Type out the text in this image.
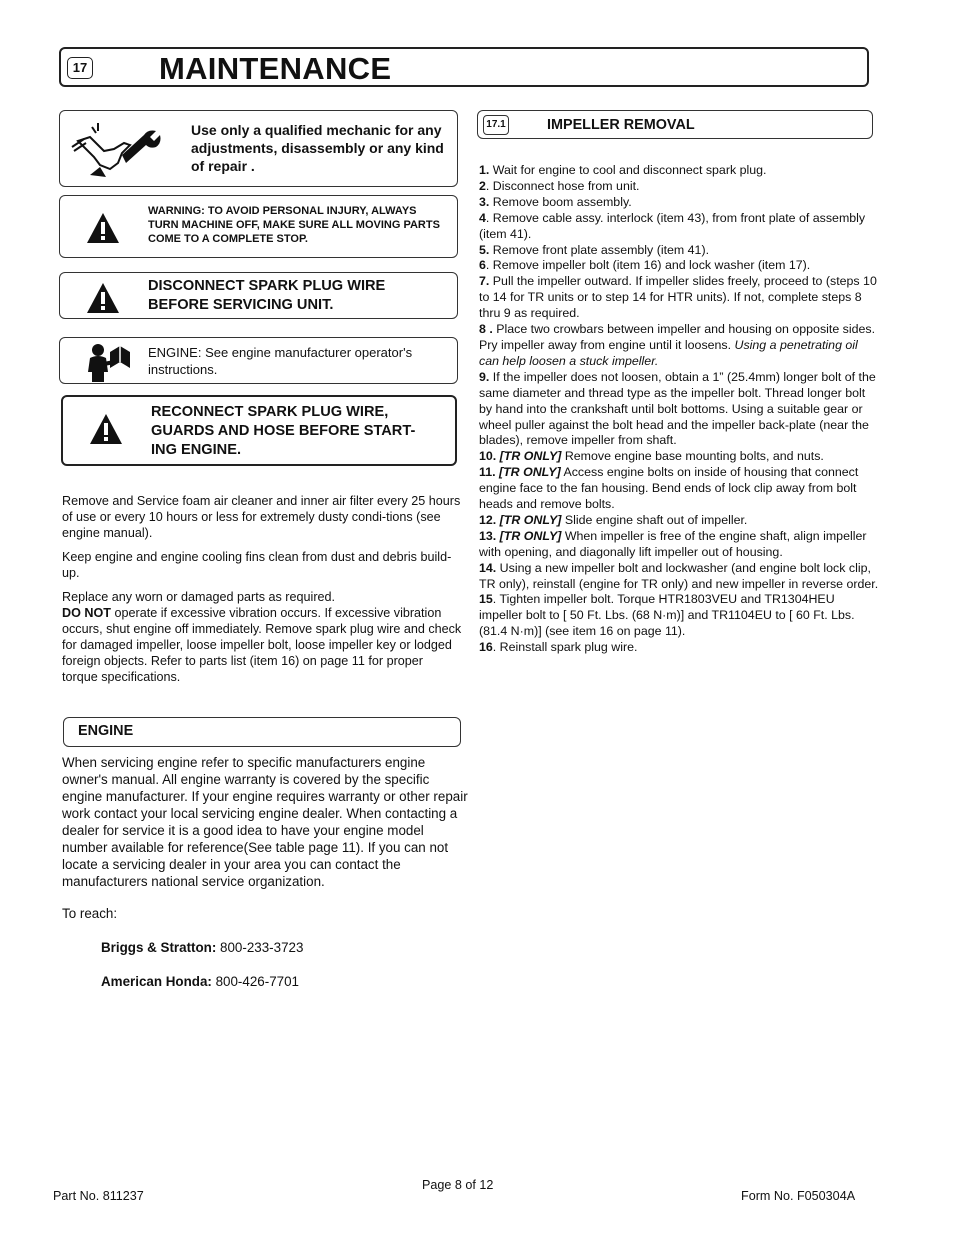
17 MAINTENANCE
Use only a qualified mechanic for any adjustments, disassembly or any kind of repair .
WARNING: TO AVOID PERSONAL INJURY, ALWAYS TURN MACHINE OFF, MAKE SURE ALL MOVING PARTS COME TO A COMPLETE STOP.
DISCONNECT SPARK PLUG WIRE BEFORE SERVICING UNIT.
ENGINE: See engine manufacturer operator's instructions.
RECONNECT SPARK PLUG WIRE, GUARDS AND HOSE BEFORE START-ING ENGINE.

Remove and Service foam air cleaner and inner air filter every 25 hours of use or every 10 hours or less for extremely dusty condi-tions (see engine manual).

Keep engine and engine cooling fins clean from dust and debris build-up.

Replace any worn or damaged parts as required.

DO NOT operate if excessive vibration occurs. If excessive vibration occurs, shut engine off immediately. Remove spark plug wire and check for damaged impeller, loose impeller bolt, loose impeller key or lodged foreign objects. Refer to parts list (item 16) on page 11 for proper torque specifications.

ENGINE
When servicing engine refer to specific manufacturers engine owner's manual. All engine warranty is covered by the specific engine manufacturer. If your engine requires warranty or other repair work contact your local servicing engine dealer. When contacting a dealer for service it is a good idea to have your engine model number available for reference(See table page 11). If you can not locate a servicing dealer in your area you can contact the manufacturers national service organization.
To reach:
Briggs & Stratton: 800-233-3723
American Honda: 800-426-7701
17.1	IMPELLER REMOVAL

1. Wait for engine to cool and disconnect spark plug.

2. Disconnect hose from unit.

3. Remove boom assembly.

4. Remove cable assy. interlock (item 43), from front plate of assembly (item 41).

5. Remove front plate assembly (item 41).

6. Remove impeller bolt (item 16) and lock washer (item 17).

7. Pull the impeller outward. If impeller slides freely, proceed to (steps 10 to 14 for TR units or to step 14 for HTR units). If not, complete steps 8 thru 9 as required.

8 . Place two crowbars between impeller and housing on opposite sides. Pry impeller away from engine until it loosens. Using a penetrating oil can help loosen a stuck impeller.

9. If the impeller does not loosen, obtain a 1” (25.4mm) longer bolt of the same diameter and thread type as the impeller bolt. Thread longer bolt by hand into the crankshaft until bolt bottoms. Using a suitable gear or wheel puller against the bolt head and the impeller back-plate (near the blades), remove impeller from shaft.

10. [TR ONLY] Remove engine base mounting bolts, and nuts.

11. [TR ONLY] Access engine bolts on inside of housing that connect engine face to the fan housing. Bend ends of lock clip away from bolt heads and remove bolts.

12. [TR ONLY] Slide engine shaft out of impeller.

13. [TR ONLY] When impeller is free of the engine shaft, align impeller with opening, and diagonally lift impeller out of housing.

14. Using a new impeller bolt and lockwasher (and engine bolt lock clip, TR only), reinstall (engine for TR only) and new impeller in reverse order.

15. Tighten impeller bolt. Torque HTR1803VEU and TR1304HEU impeller bolt to [ 50 Ft. Lbs. (68 N·m)] and TR1104EU to [ 60 Ft. Lbs. (81.4 N·m)] (see item 16 on page 11).

16. Reinstall spark plug wire.

Page 8 of 12
Part No. 811237	Form No. F050304A
